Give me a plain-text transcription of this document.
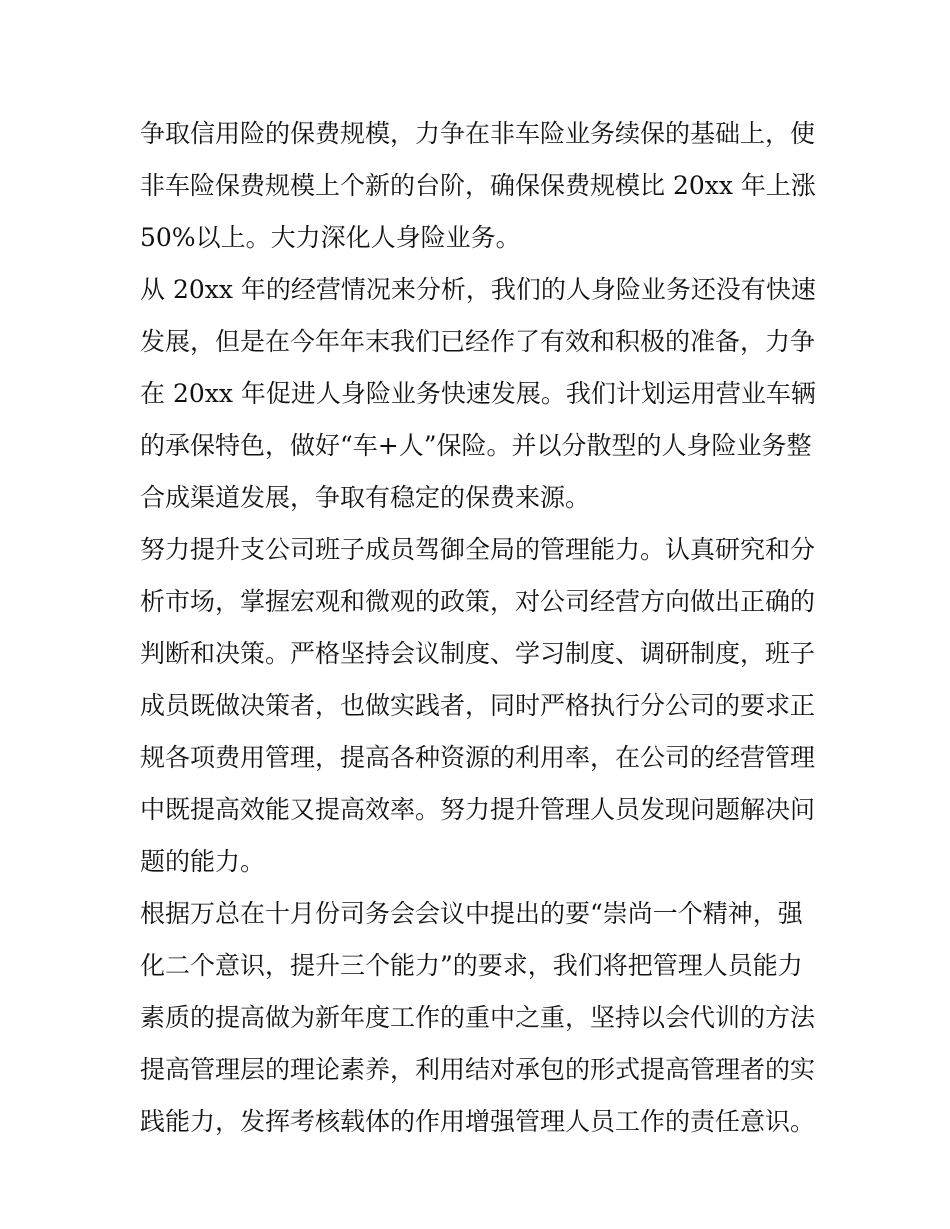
争取信用险的保费规模，力争在非车险业务续保的基础上，使
非车险保费规模上个新的台阶，确保保费规模比 20xx 年上涨
50%以上。大力深化人身险业务。

从 20xx 年的经营情况来分析，我们的人身险业务还没有快速
发展，但是在今年年末我们已经作了有效和积极的准备，力争
在 20xx 年促进人身险业务快速发展。我们计划运用营业车辆
的承保特色，做好“车+人”保险。并以分散型的人身险业务整
合成渠道发展，争取有稳定的保费来源。

努力提升支公司班子成员驾御全局的管理能力。认真研究和分
析市场，掌握宏观和微观的政策，对公司经营方向做出正确的
判断和决策。严格坚持会议制度、学习制度、调研制度，班子
成员既做决策者，也做实践者，同时严格执行分公司的要求正
规各项费用管理，提高各种资源的利用率，在公司的经营管理
中既提高效能又提高效率。努力提升管理人员发现问题解决问
题的能力。

根据万总在十月份司务会会议中提出的要“崇尚一个精神，强
化二个意识，提升三个能力”的要求，我们将把管理人员能力
素质的提高做为新年度工作的重中之重，坚持以会代训的方法
提高管理层的理论素养，利用结对承包的形式提高管理者的实
践能力，发挥考核载体的作用增强管理人员工作的责任意识。
